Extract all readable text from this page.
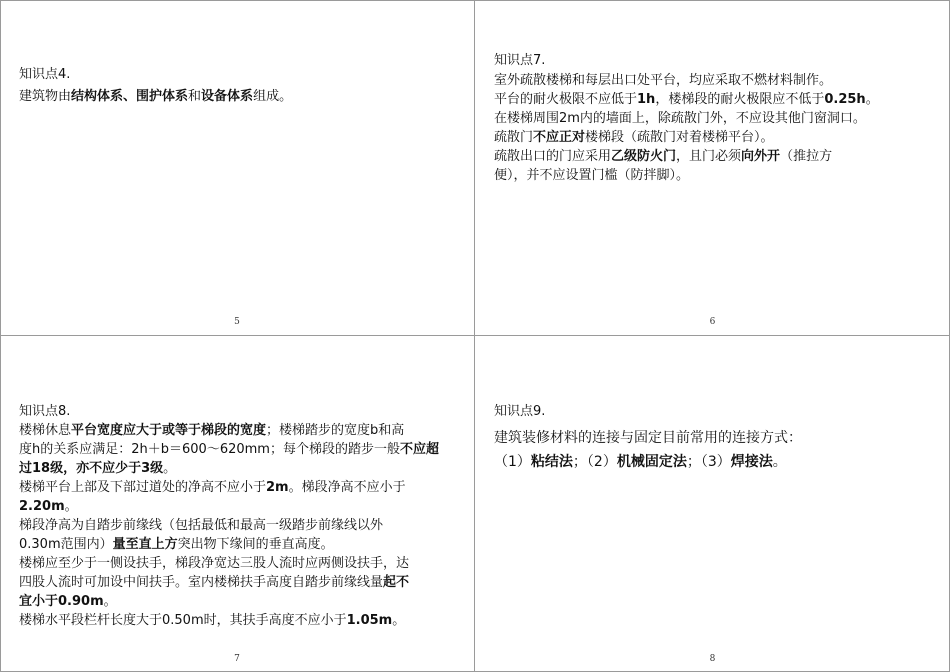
知识点4.

建筑物由结构体系、围护体系和设备体系组成。

5

知识点7.

室外疏散楼梯和每层出口处平台，均应采取不燃材料制作。

平台的耐火极限不应低于1h，楼梯段的耐火极限应不低于0.25h。

在楼梯周围2m内的墙面上，除疏散门外，不应设其他门窗洞口。

疏散门不应正对楼梯段（疏散门对着楼梯平台）。

疏散出口的门应采用乙级防火门，且门必须向外开（推拉方

便），并不应设置门槛（防拌脚）。

6

知识点8.

楼梯休息平台宽度应大于或等于梯段的宽度；楼梯踏步的宽度b和高

度h的关系应满足：2h＋b＝600～620mm；每个梯段的踏步一般不应超

过18级，亦不应少于3级。

楼梯平台上部及下部过道处的净高不应小于2m。梯段净高不应小于

2.20m。

梯段净高为自踏步前缘线（包括最低和最高一级踏步前缘线以外

0.30m范围内）量至直上方突出物下缘间的垂直高度。

楼梯应至少于一侧设扶手，梯段净宽达三股人流时应两侧设扶手，达

四股人流时可加设中间扶手。室内楼梯扶手高度自踏步前缘线量起不

宜小于0.90m。

楼梯水平段栏杆长度大于0.50m时，其扶手高度不应小于1.05m。

7

知识点9.

建筑装修材料的连接与固定目前常用的连接方式：

（1）粘结法；（2）机械固定法；（3）焊接法。

8
